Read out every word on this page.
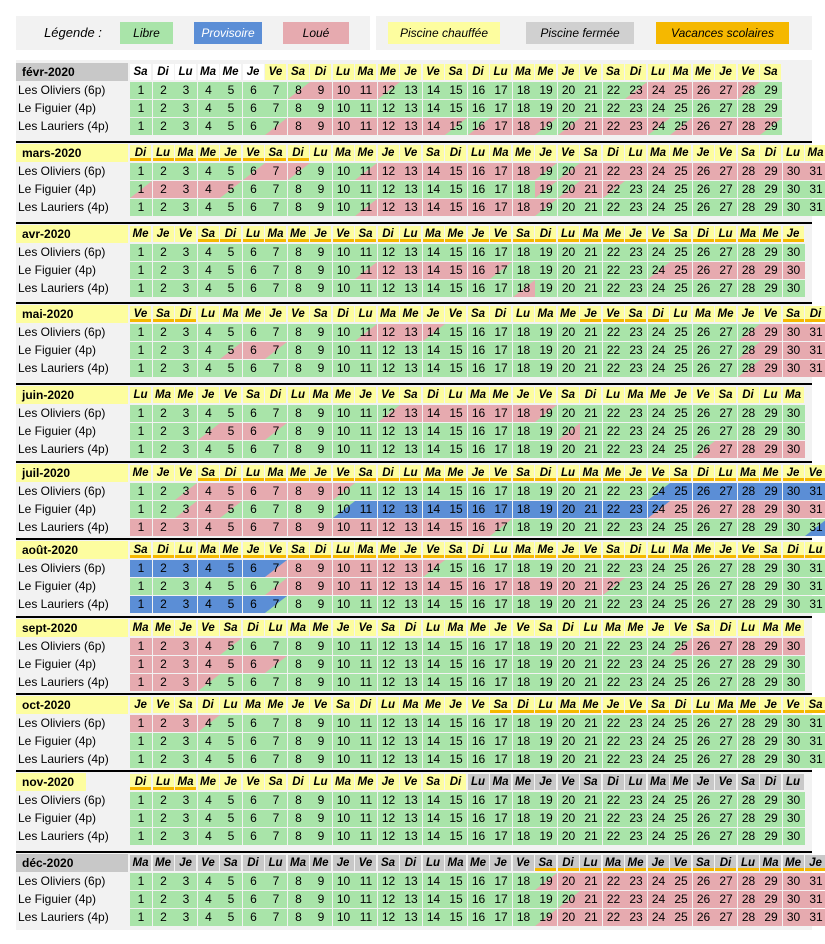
Légende :	Libre	Provisoire	Loué	Piscine chauffée	Piscine fermée	Vacances scolaires
févr-2020	Sa Di Lu Ma Me Je Ve Sa Di Lu Ma Me Je Ve Sa Di Lu Ma Me Je Ve Sa Di Lu Ma Me Je Ve Sa
Les Oliviers (6p)	1	2	3	4	5	6	7	8	9	10 11 12 13 14 15 16 17 18 19 20 21 22 23 24 25 26 27 28 29
Le Figuier (4p)	1	2	3	4	5	6	7	8	9	10 11 12 13 14 15 16 17 18 19 20 21 22 23 24 25 26 27 28 29
Les Lauriers (4p)	1	2	3	4	5	6	7	8	9	10 11 12 13 14 15 16 17 18 19 20 21 22 23 24 25 26 27 28 29
mars-2020	Di Lu Ma Me Je Ve Sa Di Lu Ma Me Je Ve Sa Di Lu Ma Me Je Ve Sa Di Lu Ma Me Je Ve Sa Di Lu Ma
Les Oliviers (6p)	1	2	3	4	5	6	7	8	9	10 11 12 13 14 15 16 17 18 19 20 21 22 23 24 25 26 27 28 29 30 31
Le Figuier (4p)	1	2	3	4	5	6	7	8	9	10 11 12 13 14 15 16 17 18 19 20 21 22 23 24 25 26 27 28 29 30 31
Les Lauriers (4p)	1	2	3	4	5	6	7	8	9	10 11 12 13 14 15 16 17 18 19 20 21 22 23 24 25 26 27 28 29 30 31
avr-2020	Me Je Ve Sa Di Lu Ma Me Je Ve Sa Di Lu Ma Me Je Ve Sa Di Lu Ma Me Je Ve Sa Di Lu Ma Me Je
Les Oliviers (6p)	1	2	3	4	5	6	7	8	9	10 11 12 13 14 15 16 17 18 19 20 21 22 23 24 25 26 27 28 29 30
Le Figuier (4p)	1	2	3	4	5	6	7	8	9	10 11 12 13 14 15 16 17 18 19 20 21 22 23 24 25 26 27 28 29 30
Les Lauriers (4p)	1	2	3	4	5	6	7	8	9	10 11 12 13 14 15 16 17 18 19 20 21 22 23 24 25 26 27 28 29 30
mai-2020	Ve Sa Di Lu Ma Me Je Ve Sa Di Lu Ma Me Je Ve Sa Di Lu Ma Me Je Ve Sa Di Lu Ma Me Je Ve Sa Di
Les Oliviers (6p)	1	2	3	4	5	6	7	8	9	10 11 12 13 14 15 16 17 18 19 20 21 22 23 24 25 26 27 28 29 30 31
Le Figuier (4p)	1	2	3	4	5	6	7	8	9	10 11 12 13 14 15 16 17 18 19 20 21 22 23 24 25 26 27 28 29 30 31
Les Lauriers (4p)	1	2	3	4	5	6	7	8	9	10 11 12 13 14 15 16 17 18 19 20 21 22 23 24 25 26 27 28 29 30 31
juin-2020	Lu Ma Me Je Ve Sa Di Lu Ma Me Je Ve Sa Di Lu Ma Me Je Ve Sa Di Lu Ma Me Je Ve Sa Di Lu Ma
Les Oliviers (6p)	1	2	3	4	5	6	7	8	9	10 11 12 13 14 15 16 17 18 19 20 21 22 23 24 25 26 27 28 29 30
Le Figuier (4p)	1	2	3	4	5	6	7	8	9	10 11 12 13 14 15 16 17 18 19 20 21 22 23 24 25 26 27 28 29 30
Les Lauriers (4p)	1	2	3	4	5	6	7	8	9	10 11 12 13 14 15 16 17 18 19 20 21 22 23 24 25 26 27 28 29 30
juil-2020	Me Je Ve Sa Di Lu Ma Me Je Ve Sa Di Lu Ma Me Je Ve Sa Di Lu Ma Me Je Ve Sa Di Lu Ma Me Je Ve
Les Oliviers (6p)	1	2	3	4	5	6	7	8	9	10 11 12 13 14 15 16 17 18 19 20 21 22 23 24 25 26 27 28 29 30 31
Le Figuier (4p)	1	2	3	4	5	6	7	8	9	10 11 12 13 14 15 16 17 18 19 20 21 22 23 24 25 26 27 28 29 30 31
Les Lauriers (4p)	1	2	3	4	5	6	7	8	9	10 11 12 13 14 15 16 17 18 19 20 21 22 23 24 25 26 27 28 29 30 31
août-2020	Sa Di Lu Ma Me Je Ve Sa Di Lu Ma Me Je Ve Sa Di Lu Ma Me Je Ve Sa Di Lu Ma Me Je Ve Sa Di Lu
Les Oliviers (6p)	1	2	3	4	5	6	7	8	9	10 11 12 13 14 15 16 17 18 19 20 21 22 23 24 25 26 27 28 29 30 31
Le Figuier (4p)	1	2	3	4	5	6	7	8	9	10 11 12 13 14 15 16 17 18 19 20 21 22 23 24 25 26 27 28 29 30 31
Les Lauriers (4p)	1	2	3	4	5	6	7	8	9	10 11 12 13 14 15 16 17 18 19 20 21 22 23 24 25 26 27 28 29 30 31
sept-2020	Ma Me Je Ve Sa Di Lu Ma Me Je Ve Sa Di Lu Ma Me Je Ve Sa Di Lu Ma Me Je Ve Sa Di Lu Ma Me
Les Oliviers (6p)	1	2	3	4	5	6	7	8	9	10 11 12 13 14 15 16 17 18 19 20 21 22 23 24 25 26 27 28 29 30
Le Figuier (4p)	1	2	3	4	5	6	7	8	9	10 11 12 13 14 15 16 17 18 19 20 21 22 23 24 25 26 27 28 29 30
Les Lauriers (4p)	1	2	3	4	5	6	7	8	9	10 11 12 13 14 15 16 17 18 19 20 21 22 23 24 25 26 27 28 29 30
oct-2020	Je Ve Sa Di Lu Ma Me Je Ve Sa Di Lu Ma Me Je Ve Sa Di Lu Ma Me Je Ve Sa Di Lu Ma Me Je Ve Sa
Les Oliviers (6p)	1	2	3	4	5	6	7	8	9	10 11 12 13 14 15 16 17 18 19 20 21 22 23 24 25 26 27 28 29 30 31
Le Figuier (4p)	1	2	3	4	5	6	7	8	9	10 11 12 13 14 15 16 17 18 19 20 21 22 23 24 25 26 27 28 29 30 31
Les Lauriers (4p)	1	2	3	4	5	6	7	8	9	10 11 12 13 14 15 16 17 18 19 20 21 22 23 24 25 26 27 28 29 30 31
nov-2020	Di Lu Ma Me Je Ve Sa Di Lu Ma Me Je Ve Sa Di Lu Ma Me Je Ve Sa Di Lu Ma Me Je Ve Sa Di Lu
Les Oliviers (6p)	1	2	3	4	5	6	7	8	9	10 11 12 13 14 15 16 17 18 19 20 21 22 23 24 25 26 27 28 29 30
Le Figuier (4p)	1	2	3	4	5	6	7	8	9	10 11 12 13 14 15 16 17 18 19 20 21 22 23 24 25 26 27 28 29 30
Les Lauriers (4p)	1	2	3	4	5	6	7	8	9	10 11 12 13 14 15 16 17 18 19 20 21 22 23 24 25 26 27 28 29 30
déc-2020	Ma Me Je Ve Sa Di Lu Ma Me Je Ve Sa Di Lu Ma Me Je Ve Sa Di Lu Ma Me Je Ve Sa Di Lu Ma Me Je
Les Oliviers (6p)	1	2	3	4	5	6	7	8	9	10 11 12 13 14 15 16 17 18 19 20 21 22 23 24 25 26 27 28 29 30 31
Le Figuier (4p)	1	2	3	4	5	6	7	8	9	10 11 12 13 14 15 16 17 18 19 20 21 22 23 24 25 26 27 28 29 30 31
Les Lauriers (4p)	1	2	3	4	5	6	7	8	9	10 11 12 13 14 15 16 17 18 19 20 21 22 23 24 25 26 27 28 29 30 31
